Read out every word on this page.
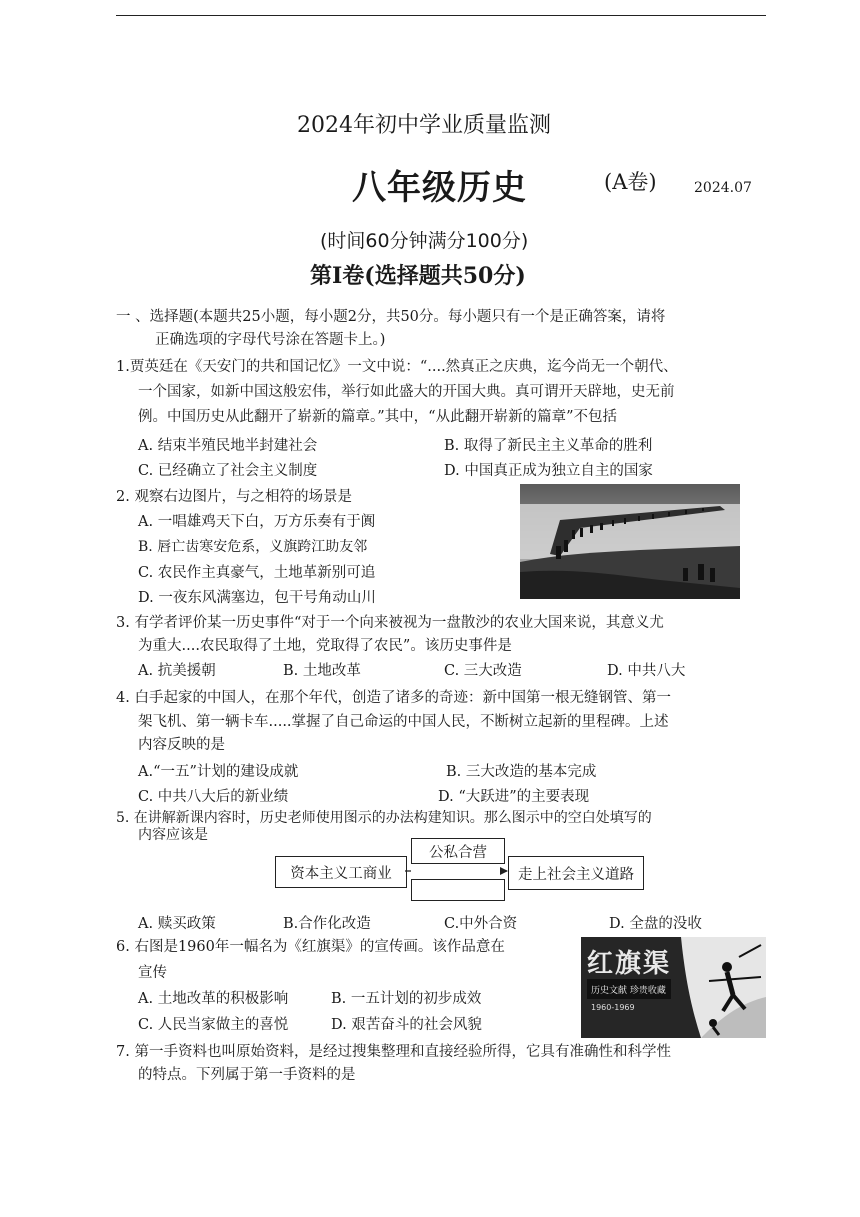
2024年初中学业质量监测
八年级历史	(A卷)	2024.07
(时间60分钟满分100分)
第Ⅰ卷(选择题共50分)
一 、选择题(本题共25小题，每小题2分，共50分。每小题只有一个是正确答案，请将
正确选项的字母代号涂在答题卡上。)
1.贾英廷在《天安门的共和国记忆》一文中说：“....然真正之庆典，迄今尚无一个朝代、
一个国家，如新中国这般宏伟，举行如此盛大的开国大典。真可谓开天辟地，史无前
例。中国历史从此翻开了崭新的篇章。”其中，“从此翻开崭新的篇章”不包括
A. 结束半殖民地半封建社会	B. 取得了新民主主义革命的胜利
C. 已经确立了社会主义制度	D. 中国真正成为独立自主的国家
2. 观察右边图片，与之相符的场景是
A. 一唱雄鸡天下白，万方乐奏有于阗
B. 唇亡齿寒安危系，义旗跨江助友邻
C. 农民作主真豪气，土地革新别可追
D. 一夜东风满塞边，包干号角动山川
3. 有学者评价某一历史事件“对于一个向来被视为一盘散沙的农业大国来说，其意义尤
为重大....农民取得了土地，党取得了农民”。该历史事件是
A. 抗美援朝	B. 土地改革	C. 三大改造	D. 中共八大
4. 白手起家的中国人，在那个年代，创造了诸多的奇迹：新中国第一根无缝钢管、第一
架飞机、第一辆卡车.....掌握了自己命运的中国人民，不断树立起新的里程碑。上述
内容反映的是
A.“一五”计划的建设成就	B. 三大改造的基本完成
C. 中共八大后的新业绩	D. “大跃进”的主要表现
5. 在讲解新课内容时，历史老师使用图示的办法构建知识。那么图示中的空白处填写的
内容应该是
资本主义工商业
公私合营
走上社会主义道路
A. 赎买政策	B.合作化改造	C.中外合资	D. 全盘的没收
6. 右图是1960年一幅名为《红旗渠》的宣传画。该作品意在
宣传
A. 土地改革的积极影响	B. 一五计划的初步成效
C. 人民当家做主的喜悦	D. 艰苦奋斗的社会风貌
红旗渠
历史文献 珍贵收藏
1960-1969
7. 第一手资料也叫原始资料，是经过搜集整理和直接经验所得，它具有准确性和科学性
的特点。下列属于第一手资料的是
